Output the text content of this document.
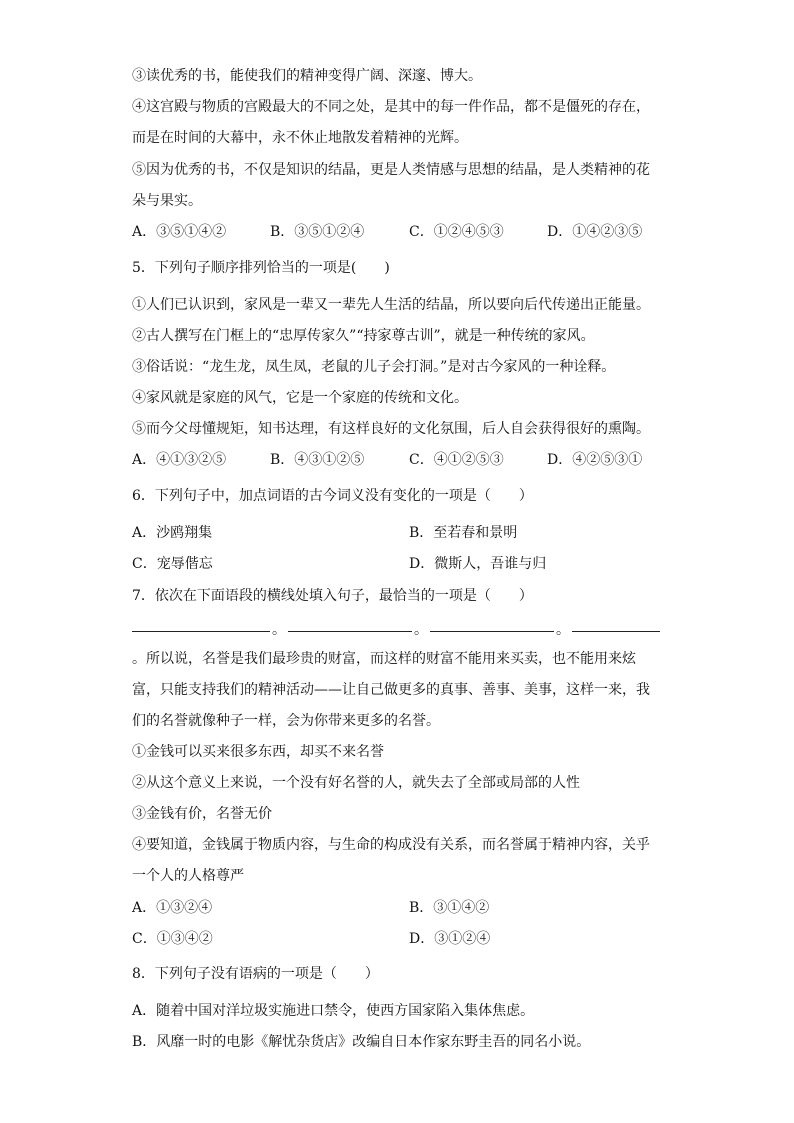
③读优秀的书，能使我们的精神变得广阔、深邃、博大。
④这宫殿与物质的宫殿最大的不同之处，是其中的每一件作品，都不是僵死的存在，
而是在时间的大幕中，永不休止地散发着精神的光辉。
⑤因为优秀的书，不仅是知识的结晶，更是人类情感与思想的结晶，是人类精神的花
朵与果实。
A．③⑤①④②	B．③⑤①②④	C．①②④⑤③	D．①④②③⑤
5．下列句子顺序排列恰当的一项是(　　)
①人们已认识到，家风是一辈又一辈先人生活的结晶，所以要向后代传递出正能量。
②古人撰写在门框上的“忠厚传家久”“持家尊古训”，就是一种传统的家风。
③俗话说：“龙生龙，凤生凤，老鼠的儿子会打洞。”是对古今家风的一种诠释。
④家风就是家庭的风气，它是一个家庭的传统和文化。
⑤而今父母懂规矩，知书达理，有这样良好的文化氛围，后人自会获得很好的熏陶。
A．④①③②⑤	B．④③①②⑤	C．④①②⑤③	D．④②⑤③①
6．下列句子中，加点词语的古今词义没有变化的一项是（　　）
A．沙鸥翔集	B．至若春和景明
C．宠辱偕忘	D．微斯人，吾谁与归
7．依次在下面语段的横线处填入句子，最恰当的一项是（　　）
。	。	。
。所以说，名誉是我们最珍贵的财富，而这样的财富不能用来买卖，也不能用来炫
富，只能支持我们的精神活动——让自己做更多的真事、善事、美事，这样一来，我
们的名誉就像种子一样，会为你带来更多的名誉。
①金钱可以买来很多东西，却买不来名誉
②从这个意义上来说，一个没有好名誉的人，就失去了全部或局部的人性
③金钱有价，名誉无价
④要知道，金钱属于物质内容，与生命的构成没有关系，而名誉属于精神内容，关乎
一个人的人格尊严
A．①③②④	B．③①④②
C．①③④②	D．③①②④
8．下列句子没有语病的一项是（　　）
A．随着中国对洋垃圾实施进口禁令，使西方国家陷入集体焦虑。
B．风靡一时的电影《解忧杂货店》改编自日本作家东野圭吾的同名小说。
